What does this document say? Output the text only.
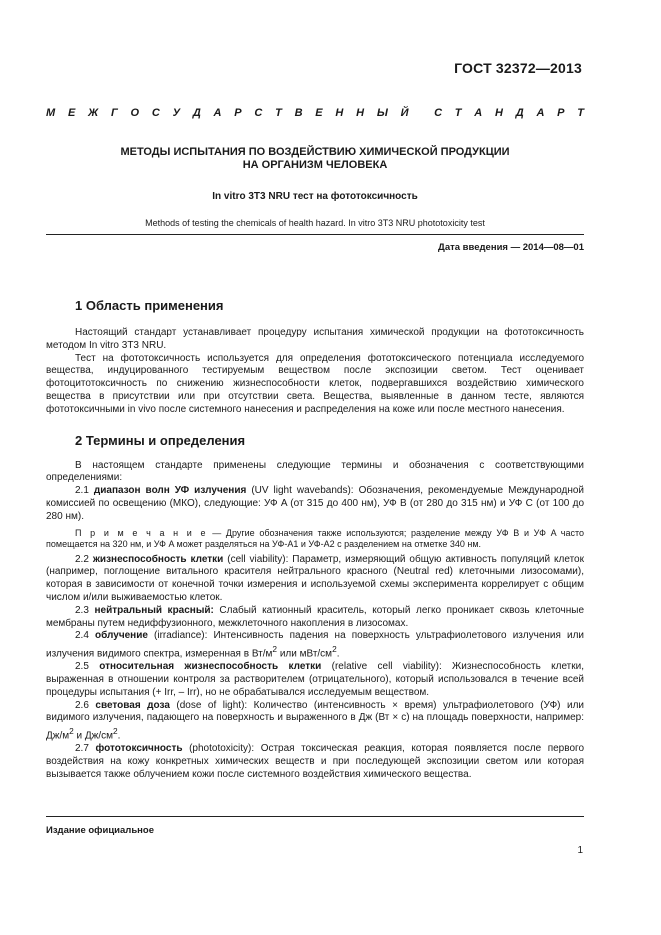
ГОСТ 32372—2013
М Е Ж Г О С У Д А Р С Т В Е Н Н Ы Й С Т А Н Д А Р Т
МЕТОДЫ ИСПЫТАНИЯ ПО ВОЗДЕЙСТВИЮ ХИМИЧЕСКОЙ ПРОДУКЦИИ
НА ОРГАНИЗМ ЧЕЛОВЕКА
In vitro 3T3 NRU тест на фототоксичность
Methods of testing the chemicals of health hazard. In vitro 3T3 NRU phototoxicity test
Дата введения — 2014—08—01
1 Область применения

Настоящий стандарт устанавливает процедуру испытания химической продукции на фототоксичность методом In vitro 3T3 NRU.

Тест на фототоксичность используется для определения фототоксического потенциала исследуемого вещества, индуцированного тестируемым веществом после экспозиции светом. Тест оценивает фотоцитотоксичность по снижению жизнеспособности клеток, подвергавшихся воздействию химического вещества в присутствии или при отсутствии света. Вещества, выявленные в данном тесте, являются фототоксичными in vivo после системного нанесения и распределения на коже или после местного нанесения.

2 Термины и определения

В настоящем стандарте применены следующие термины и обозначения с соответствующими определениями:

2.1 диапазон волн УФ излучения (UV light wavebands): Обозначения, рекомендуемые Международной комиссией по освещению (МКО), следующие: УФ A (от 315 до 400 нм), УФ B (от 280 до 315 нм) и УФ C (от 100 до 280 нм).

П р и м е ч а н и е — Другие обозначения также используются; разделение между УФ B и УФ A часто помещается на 320 нм, и УФ A может разделяться на УФ-A1 и УФ-A2 с разделением на отметке 340 нм.

2.2 жизнеспособность клетки (cell viability): Параметр, измеряющий общую активность популяций клеток (например, поглощение витального красителя нейтрального красного (Neutral red) клеточными лизосомами), которая в зависимости от конечной точки измерения и используемой схемы эксперимента коррелирует с общим числом и/или выживаемостью клеток.

2.3 нейтральный красный: Слабый катионный краситель, который легко проникает сквозь клеточные мембраны путем недиффузионного, межклеточного накопления в лизосомах.

2.4 облучение (irradiance): Интенсивность падения на поверхность ультрафиолетового излучения или излучения видимого спектра, измеренная в $Вт/м^2$ или мВт/$см^2$.

2.5 относительная жизнеспособность клетки (relative cell viability): Жизнеспособность клетки, выраженная в отношении контроля за растворителем (отрицательного), который использовался в течение всей процедуры испытания (+ Irr, – Irr), но не обрабатывался исследуемым веществом.

2.6 световая доза (dose of light): Количество (интенсивность × время) ультрафиолетового (УФ) или видимого излучения, падающего на поверхность и выраженного в Дж (Вт × с) на площадь поверхности, например: $Дж/м^2$ и $Дж/см^2$.

2.7 фототоксичность (phototoxicity): Острая токсическая реакция, которая появляется после первого воздействия на кожу конкретных химических веществ и при последующей экспозиции светом или которая вызывается также облучением кожи после системного воздействия химического вещества.

Издание официальное
1
